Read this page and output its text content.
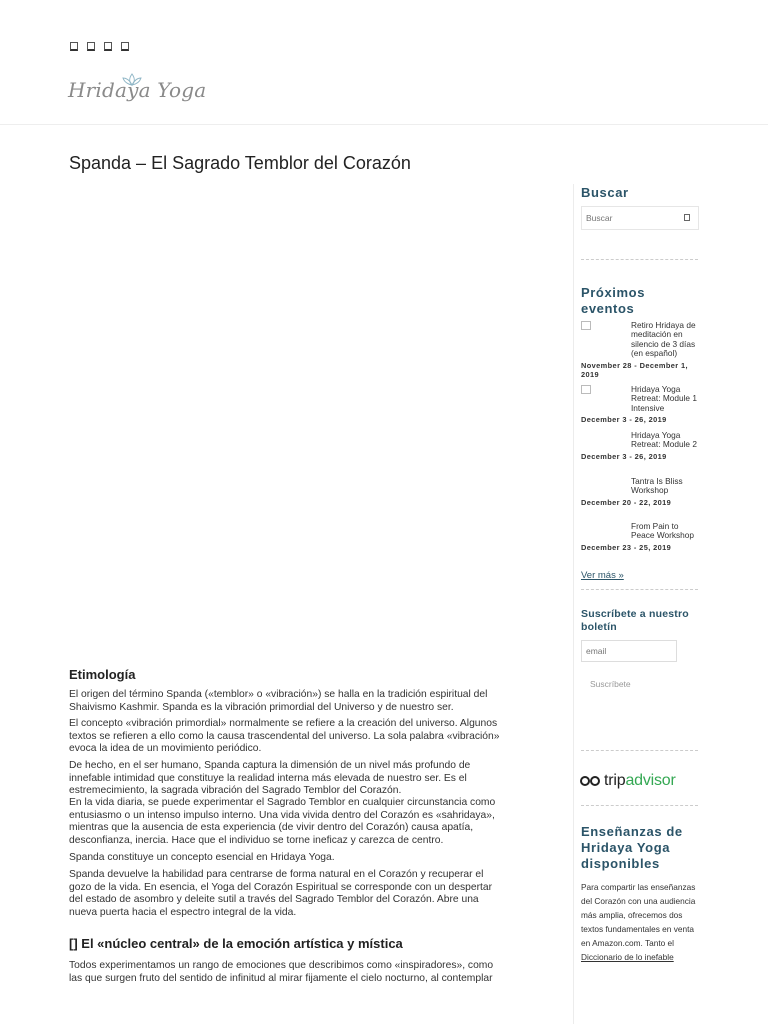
Hridaya Yoga
Spanda – El Sagrado Temblor del Corazón
Etimología

El origen del término Spanda («temblor» o «vibración») se halla en la tradición espiritual del Shaivismo Kashmir. Spanda es la vibración primordial del Universo y de nuestro ser.

El concepto «vibración primordial» normalmente se refiere a la creación del universo. Algunos textos se refieren a ello como la causa trascendental del universo. La sola palabra «vibración» evoca la idea de un movimiento periódico.

De hecho, en el ser humano, Spanda captura la dimensión de un nivel más profundo de innefable intimidad que constituye la realidad interna más elevada de nuestro ser. Es el estremecimiento, la sagrada vibración del Sagrado Temblor del Corazón.

En la vida diaria, se puede experimentar el Sagrado Temblor en cualquier circunstancia como entusiasmo o un intenso impulso interno. Una vida vivida dentro del Corazón es «sahridaya», mientras que la ausencia de esta experiencia (de vivir dentro del Corazón) causa apatía, desconfianza, inercia. Hace que el individuo se torne ineficaz y carezca de centro.

Spanda constituye un concepto esencial en Hridaya Yoga.

Spanda devuelve la habilidad para centrarse de forma natural en el Corazón y recuperar el gozo de la vida. En esencia, el Yoga del Corazón Espiritual se corresponde con un despertar del estado de asombro y deleite sutil a través del Sagrado Temblor del Corazón. Abre una nueva puerta hacia el espectro integral de la vida.

[] El «núcleo central» de la emoción artística y mística

Todos experimentamos un rango de emociones que describimos como «inspiradores», como las que surgen fruto del sentido de infinitud al mirar fijamente el cielo nocturno, al contemplar

Buscar

Buscar

Próximos eventos

Retiro Hridaya de meditación en silencio de 3 días (en español)
November 28 - December 1, 2019
Hridaya Yoga Retreat: Module 1 Intensive
December 3 - 26, 2019
Hridaya Yoga Retreat: Module 2
December 3 - 26, 2019
Tantra Is Bliss Workshop
December 20 - 22, 2019
From Pain to Peace Workshop
December 23 - 25, 2019
Ver más »

Suscríbete a nuestro boletín

email
Suscríbete
tripadvisor

Enseñanzas de Hridaya Yoga disponibles

Para compartir las enseñanzas del Corazón con una audiencia más amplia, ofrecemos dos textos fundamentales en venta en Amazon.com. Tanto el Diccionario de lo inefable
